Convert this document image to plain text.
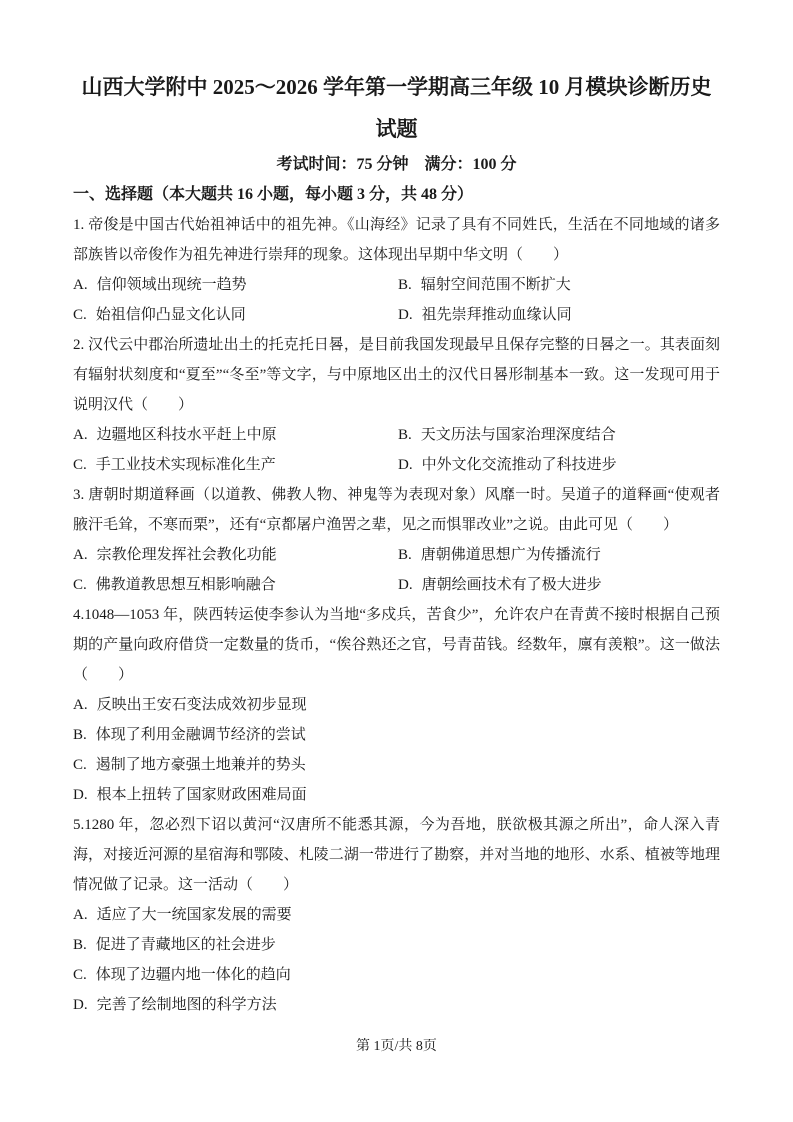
山西大学附中 2025～2026 学年第一学期高三年级 10 月模块诊断历史
试题
考试时间：75 分钟　满分：100 分
一、选择题（本大题共 16 小题，每小题 3 分，共 48 分）

1. 帝俊是中国古代始祖神话中的祖先神。《山海经》记录了具有不同姓氏，生活在不同地域的诸多部族皆以帝俊作为祖先神进行崇拜的现象。这体现出早期中华文明（　　）

A. 信仰领域出现统一趋势	B. 辐射空间范围不断扩大
C. 始祖信仰凸显文化认同	D. 祖先崇拜推动血缘认同

2. 汉代云中郡治所遗址出土的托克托日晷，是目前我国发现最早且保存完整的日晷之一。其表面刻有辐射状刻度和“夏至”“冬至”等文字，与中原地区出土的汉代日晷形制基本一致。这一发现可用于说明汉代（　　）

A. 边疆地区科技水平赶上中原	B. 天文历法与国家治理深度结合
C. 手工业技术实现标准化生产	D. 中外文化交流推动了科技进步

3. 唐朝时期道释画（以道教、佛教人物、神鬼等为表现对象）风靡一时。吴道子的道释画“使观者腋汗毛耸，不寒而栗”，还有“京都屠户渔罟之辈，见之而惧罪改业”之说。由此可见（　　）

A. 宗教伦理发挥社会教化功能	B. 唐朝佛道思想广为传播流行
C. 佛教道教思想互相影响融合	D. 唐朝绘画技术有了极大进步

4.1048—1053 年，陕西转运使李参认为当地“多戍兵，苦食少”，允许农户在青黄不接时根据自己预期的产量向政府借贷一定数量的货币，“俟谷熟还之官，号青苗钱。经数年，廪有羡粮”。这一做法（　　）

A. 反映出王安石变法成效初步显现
B. 体现了利用金融调节经济的尝试
C. 遏制了地方豪强土地兼并的势头
D. 根本上扭转了国家财政困难局面

5.1280 年，忽必烈下诏以黄河“汉唐所不能悉其源，今为吾地，朕欲极其源之所出”，命人深入青海，对接近河源的星宿海和鄂陵、札陵二湖一带进行了勘察，并对当地的地形、水系、植被等地理情况做了记录。这一活动（　　）

A. 适应了大一统国家发展的需要
B. 促进了青藏地区的社会进步
C. 体现了边疆内地一体化的趋向
D. 完善了绘制地图的科学方法
第 1页/共 8页
